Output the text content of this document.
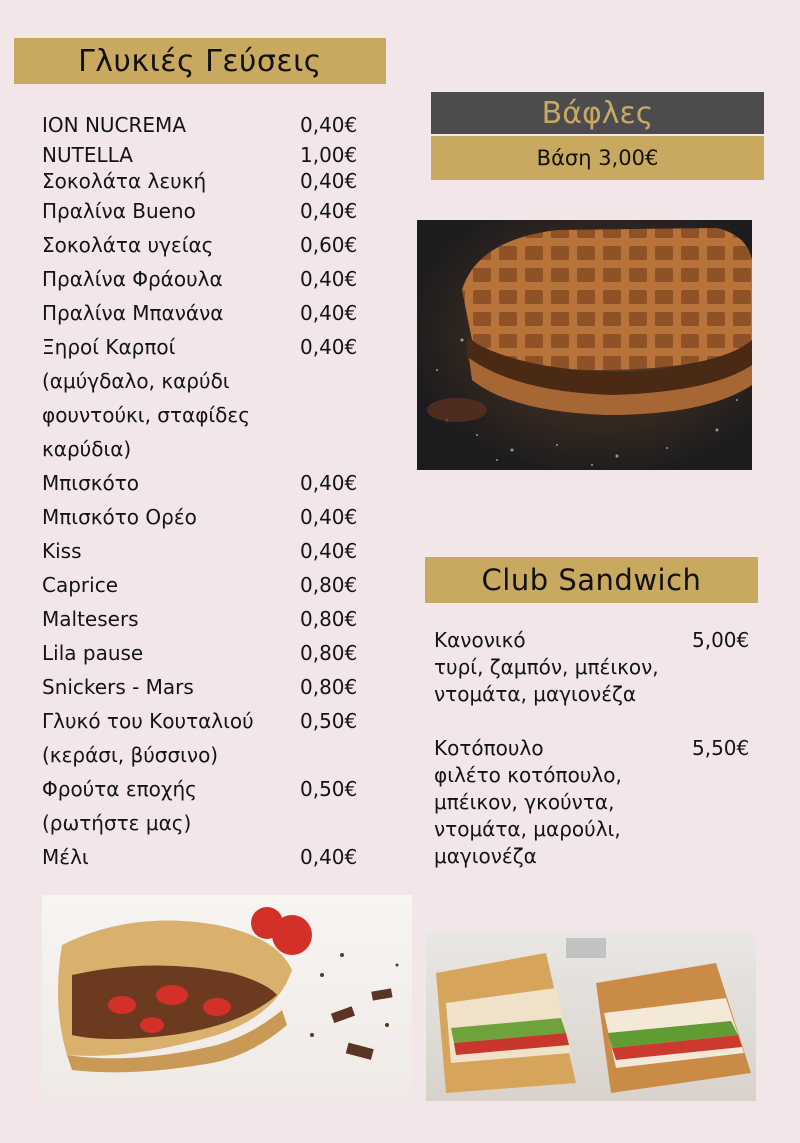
Γλυκιές Γεύσεις
Βάφλες
Βάση 3,00€
Club Sandwich
ION NUCREMA	0,40€
NUTELLA	1,00€
Σοκολάτα λευκή	0,40€
Πραλίνα Bueno	0,40€
Σοκολάτα υγείας	0,60€
Πραλίνα Φράουλα	0,40€
Πραλίνα Μπανάνα	0,40€
Ξηροί Καρποί	0,40€
(αμύγδαλο, καρύδι
φουντούκι, σταφίδες
καρύδια)
Μπισκότο	0,40€
Μπισκότο Ορέο	0,40€
Kiss	0,40€
Caprice	0,80€
Maltesers	0,80€
Lila pause	0,80€
Snickers - Mars	0,80€
Γλυκό του Κουταλιού 0,50€
(κεράσι, βύσσινο)
Φρούτα εποχής	0,50€
(ρωτήστε μας)
Μέλι	0,40€
Κανονικό	5,00€
τυρί, ζαμπόν, μπέικον,
ντομάτα, μαγιονέζα
Κοτόπουλο	5,50€
φιλέτο κοτόπουλο,
μπέικον, γκούντα,
ντομάτα, μαρούλι,
μαγιονέζα
